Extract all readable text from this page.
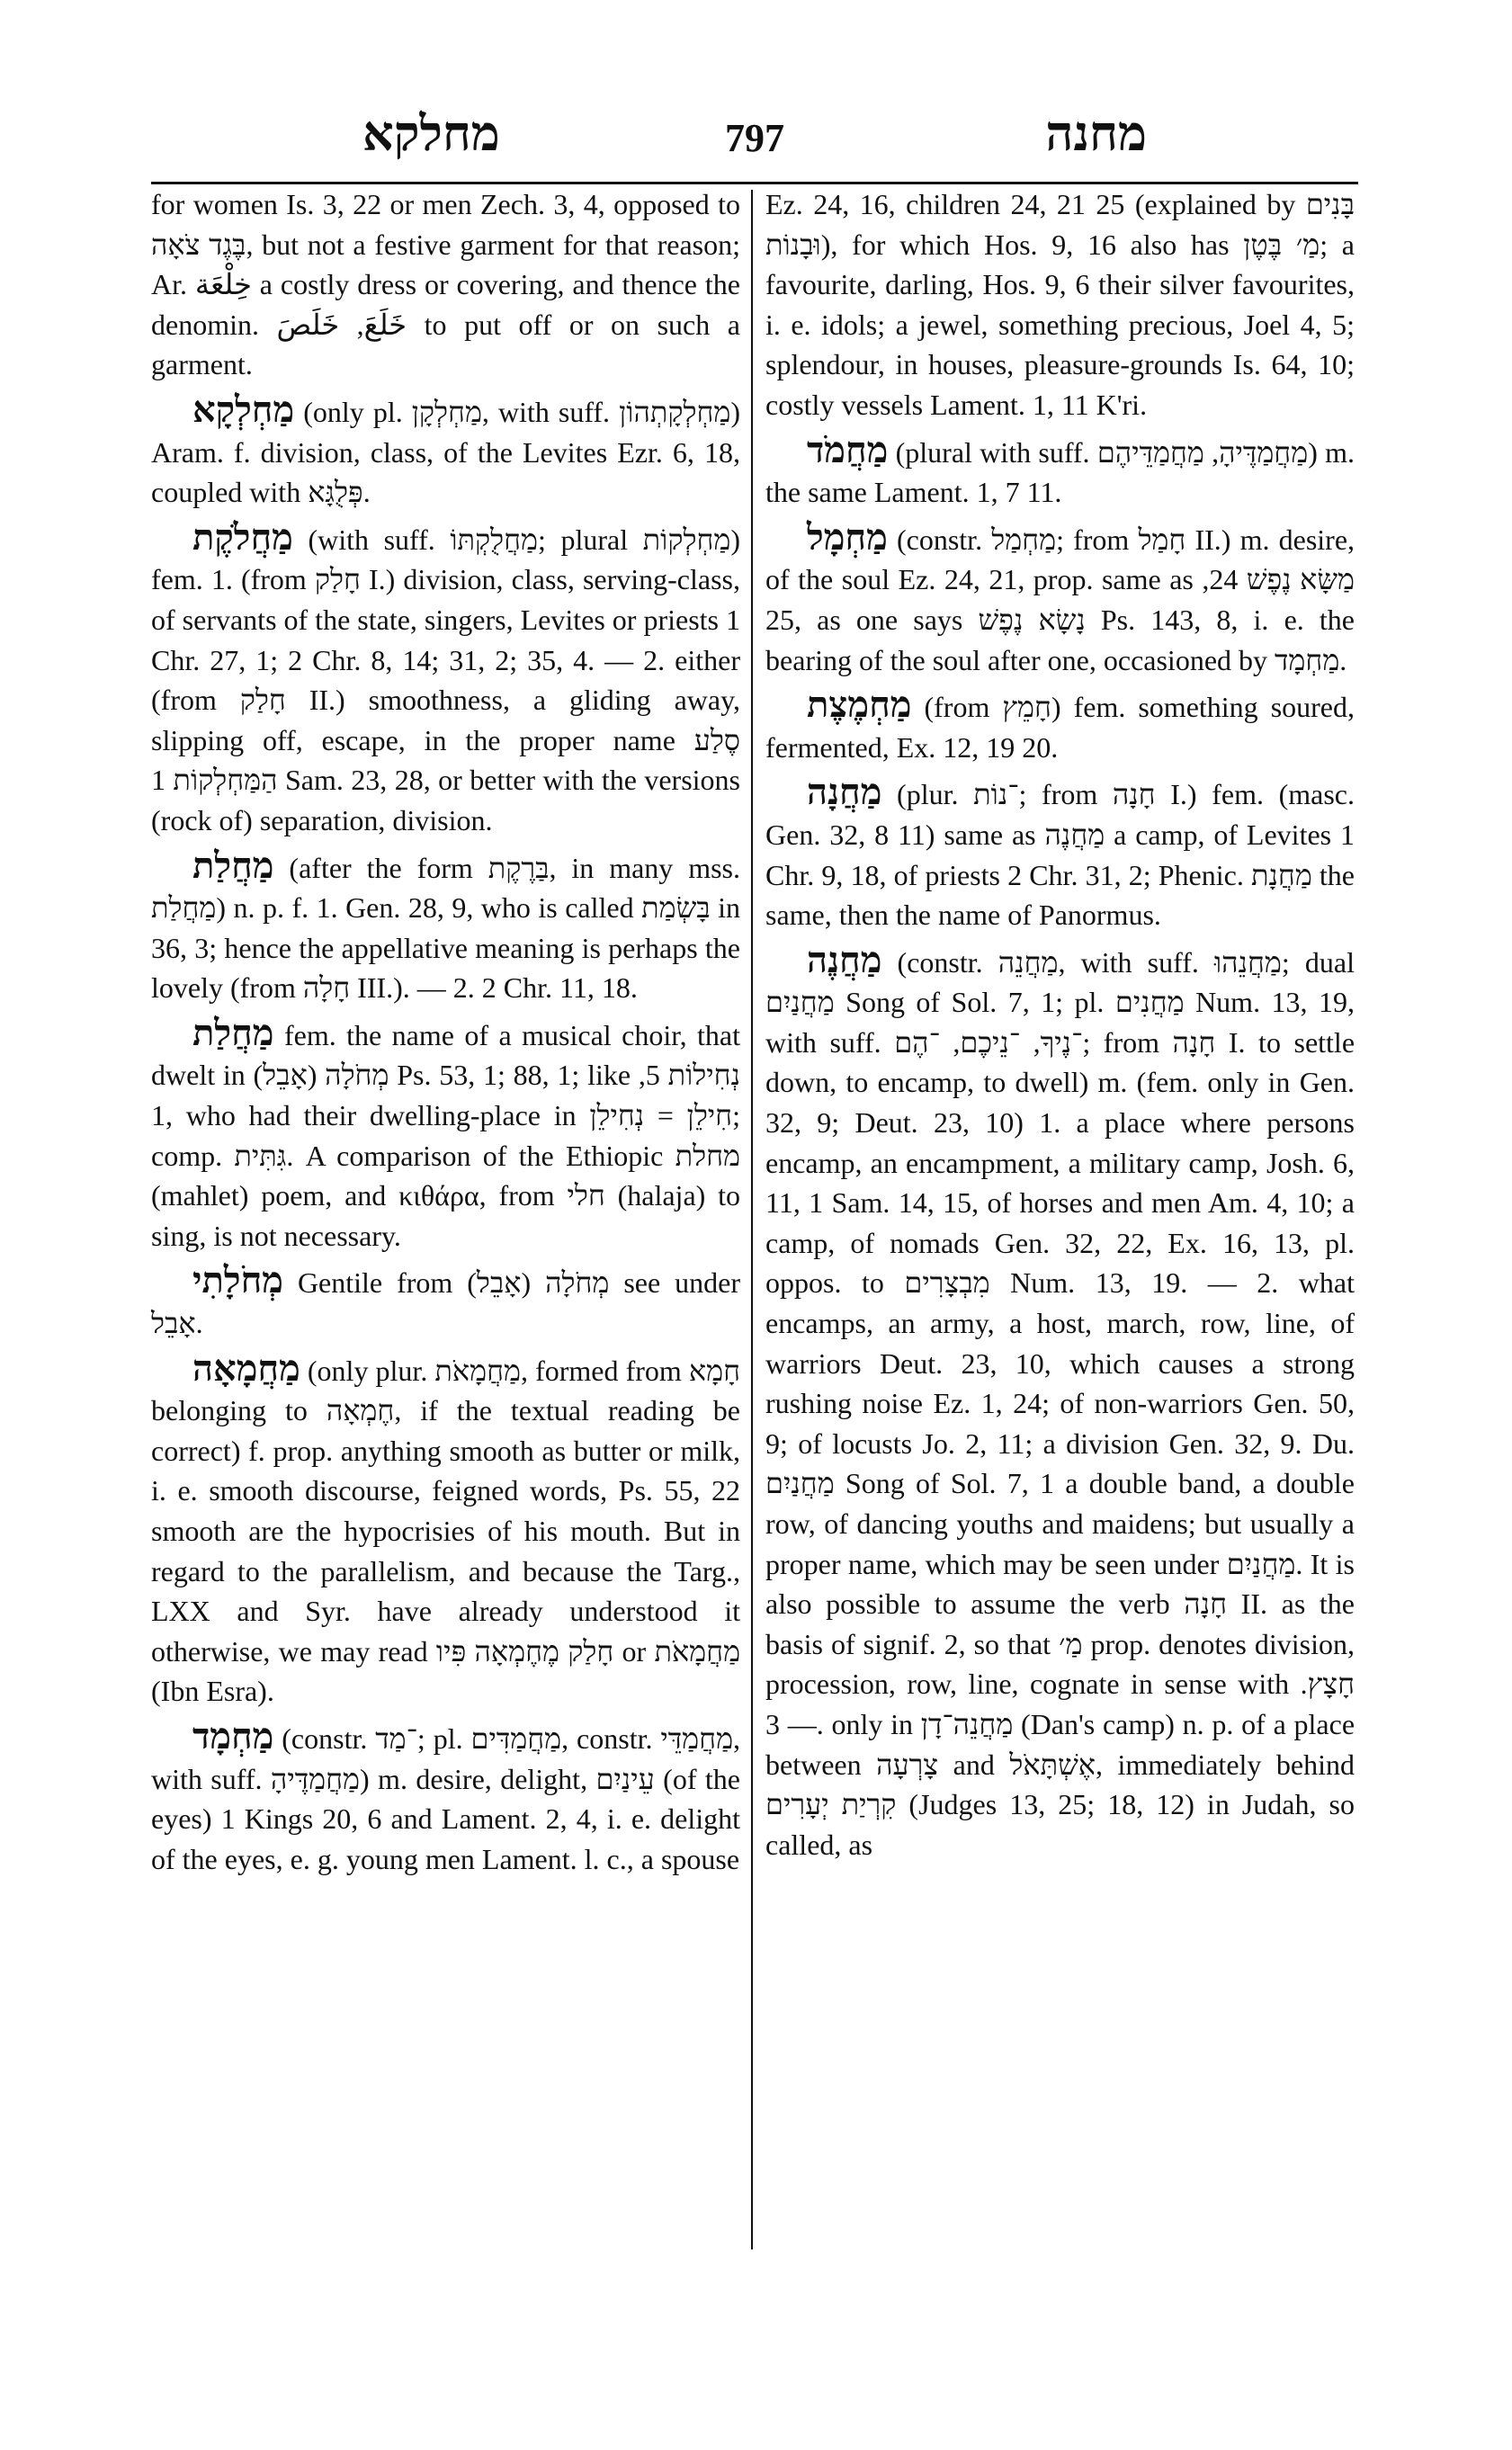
מחלקא	797	מחנה

for women Is. 3, 22 or men Zech. 3, 4, opposed to בֶּגֶד צֹאָה, but not a festive garment for that reason; Ar. خِلْعَة a costly dress or covering, and thence the denomin. خَلَعَ, خَلَصَ to put off or on such a garment.

מַחְלְקָא (only pl. מַחְלְקָן, with suff. מַחְלְקָתְהוֹן) Aram. f. division, class, of the Levites Ezr. 6, 18, coupled with פְּלֻגָּא.

מַחֲלֹקֶת (with suff. מַחֲלֻקְתּוֹ; plural מַחְלְקוֹת) fem. 1. (from חָלַק I.) division, class, serving-class, of servants of the state, singers, Levites or priests 1 Chr. 27, 1; 2 Chr. 8, 14; 31, 2; 35, 4. — 2. either (from חָלַק II.) smoothness, a gliding away, slipping off, escape, in the proper name סֶלַע הַמַּחְלְקוֹת 1 Sam. 23, 28, or better with the versions (rock of) separation, division.

מַחֲלַת (after the form בַּרֶקֶת, in many mss. מַחֲלַת) n. p. f. 1. Gen. 28, 9, who is called בָּשְׂמַת in 36, 3; hence the appellative meaning is perhaps the lovely (from חָלָה III.). — 2. 2 Chr. 11, 18.

מַחֲלַת fem. the name of a musical choir, that dwelt in מְחֹלָה (אָבֵל) Ps. 53, 1; 88, 1; like נְחִילוֹת 5, 1, who had their dwelling-place in חִילֵן = נְחִילֵן; comp. גִּתִּית. A comparison of the Ethiopic מחלת (mahlet) poem, and κιθάρα, from חלי (halaja) to sing, is not necessary.

מְחֹלָתִי Gentile from מְחֹלָה (אָבֵל) see under אָבֵל.

מַחֲמָאָה (only plur. מַחֲמָאֹת, formed from חָמָא belonging to חֶמְאָה, if the textual reading be correct) f. prop. anything smooth as butter or milk, i. e. smooth discourse, feigned words, Ps. 55, 22 smooth are the hypocrisies of his mouth. But in regard to the parallelism, and because the Targ., LXX and Syr. have already understood it otherwise, we may read חָלַק מֶחֶמְאָה פִּיו or מַחֲמָאֹת (Ibn Esra).

מַחְמָד (constr. ־מַד; pl. מַחֲמַדִּים, constr. מַחֲמַדֵּי, with suff. מַחֲמַדֶּיהָ) m. desire, delight, עֵינַיִם (of the eyes) 1 Kings 20, 6 and Lament. 2, 4, i. e. delight of the eyes, e. g. young men Lament. l. c., a spouse

Ez. 24, 16, children 24, 21 25 (explained by בָּנִים וּבָנוֹת), for which Hos. 9, 16 also has מַ׳ בֶּטֶן; a favourite, darling, Hos. 9, 6 their silver favourites, i. e. idols; a jewel, something precious, Joel 4, 5; splendour, in houses, pleasure-grounds Is. 64, 10; costly vessels Lament. 1, 11 K'ri.

מַחֲמֹד (plural with suff. מַחֲמַדֶּיהָ, מַחֲמַדֵּיהֶם) m. the same Lament. 1, 7 11.

מַחְמָל (constr. מַחְמַל; from חָמַל II.) m. desire, of the soul Ez. 24, 21, prop. same as מַשָּׂא נֶפֶשׁ 24, 25, as one says נָשָׂא נֶפֶשׁ Ps. 143, 8, i. e. the bearing of the soul after one, occasioned by מַחְמָד.

מַחְמֶצֶת (from חָמֵץ) fem. something soured, fermented, Ex. 12, 19 20.

מַחֲנָה (plur. ־נוֹת; from חָנָה I.) fem. (masc. Gen. 32, 8 11) same as מַחֲנֶה a camp, of Levites 1 Chr. 9, 18, of priests 2 Chr. 31, 2; Phenic. מַחֲנָת the same, then the name of Panormus.

מַחֲנֶה (constr. מַחֲנֵה, with suff. מַחֲנֵהוּ; dual מַחֲנַיִם Song of Sol. 7, 1; pl. מַחֲנִים Num. 13, 19, with suff. ־נֶיךָ, ־נֵיכֶם, ־הֶם; from חָנָה I. to settle down, to encamp, to dwell) m. (fem. only in Gen. 32, 9; Deut. 23, 10) 1. a place where persons encamp, an encampment, a military camp, Josh. 6, 11, 1 Sam. 14, 15, of horses and men Am. 4, 10; a camp, of nomads Gen. 32, 22, Ex. 16, 13, pl. oppos. to מִבְצָרִים Num. 13, 19. — 2. what encamps, an army, a host, march, row, line, of warriors Deut. 23, 10, which causes a strong rushing noise Ez. 1, 24; of non-warriors Gen. 50, 9; of locusts Jo. 2, 11; a division Gen. 32, 9. Du. מַחֲנַיִם Song of Sol. 7, 1 a double band, a double row, of dancing youths and maidens; but usually a proper name, which may be seen under מַחֲנַיִם. It is also possible to assume the verb חָנָה II. as the basis of signif. 2, so that מַ׳ prop. denotes division, procession, row, line, cognate in sense with חָצָץ. — 3. only in מַחֲנֵה־דָן (Dan's camp) n. p. of a place between צָרְעָה and אֶשְׁתָּאֹל, immediately behind קִרְיַת יְעָרִים (Judges 13, 25; 18, 12) in Judah, so called, as
